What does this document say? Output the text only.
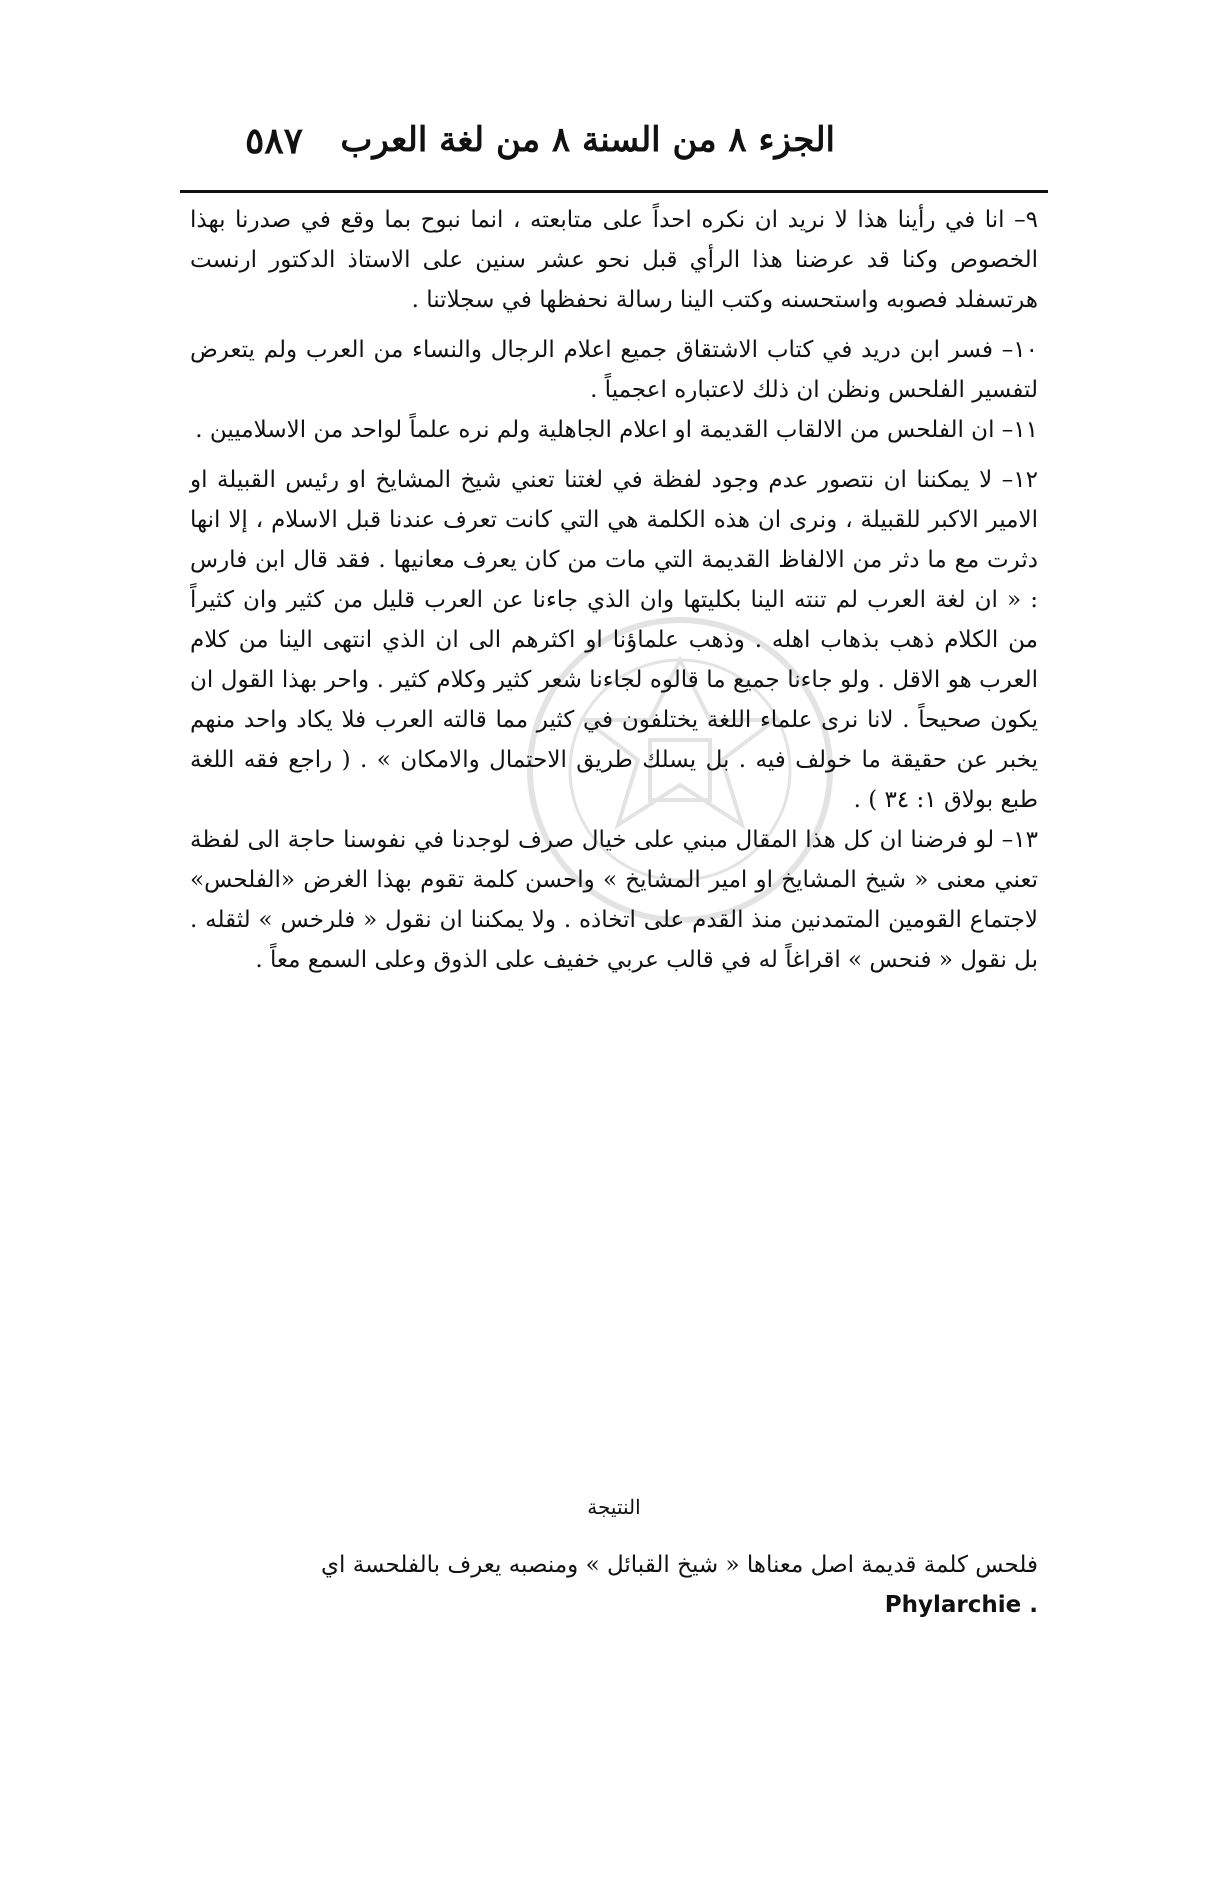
الجزء ٨ من السنة ٨ من لغة العرب
٥٨٧

٩– انا في رأينا هذا لا نريد ان نكره احداً على متابعته ، انما نبوح بما وقع في صدرنا بهذا الخصوص وكنا قد عرضنا هذا الرأي قبل نحو عشر سنين على الاستاذ الدكتور ارنست هرتسفلد فصوبه واستحسنه وكتب الينا رسالة نحفظها في سجلاتنا .

١٠– فسر ابن دريد في كتاب الاشتقاق جميع اعلام الرجال والنساء من العرب ولم يتعرض لتفسير الفلحس ونظن ان ذلك لاعتباره اعجمياً .

١١– ان الفلحس من الالقاب القديمة او اعلام الجاهلية ولم نره علماً لواحد من الاسلاميين .

١٢– لا يمكننا ان نتصور عدم وجود لفظة في لغتنا تعني شيخ المشايخ او رئيس القبيلة او الامير الاكبر للقبيلة ، ونرى ان هذه الكلمة هي التي كانت تعرف عندنا قبل الاسلام ، إلا انها دثرت مع ما دثر من الالفاظ القديمة التي مات من كان يعرف معانيها . فقد قال ابن فارس : « ان لغة العرب لم تنته الينا بكليتها وان الذي جاءنا عن العرب قليل من كثير وان كثيراً من الكلام ذهب بذهاب اهله . وذهب علماؤنا او اكثرهم الى ان الذي انتهى الينا من كلام العرب هو الاقل . ولو جاءنا جميع ما قالوه لجاءنا شعر كثير وكلام كثير . واحر بهذا القول ان يكون صحيحاً . لانا نرى علماء اللغة يختلفون في كثير مما قالته العرب فلا يكاد واحد منهم يخبر عن حقيقة ما خولف فيه . بل يسلك طريق الاحتمال والامكان » . ( راجع فقه اللغة طبع بولاق ١: ٣٤ ) .

١٣– لو فرضنا ان كل هذا المقال مبني على خيال صرف لوجدنا في نفوسنا حاجة الى لفظة تعني معنى « شيخ المشايخ او امير المشايخ » واحسن كلمة تقوم بهذا الغرض «الفلحس» لاجتماع القومين المتمدنين منذ القدم على اتخاذه . ولا يمكننا ان نقول « فلرخس » لثقله . بل نقول « فنحس » اقراغاً له في قالب عربي خفيف على الذوق وعلى السمع معاً .

النتيجة
فلحس كلمة قديمة اصل معناها « شيخ القبائل » ومنصبه يعرف بالفلحسة اي
Phylarchie .
